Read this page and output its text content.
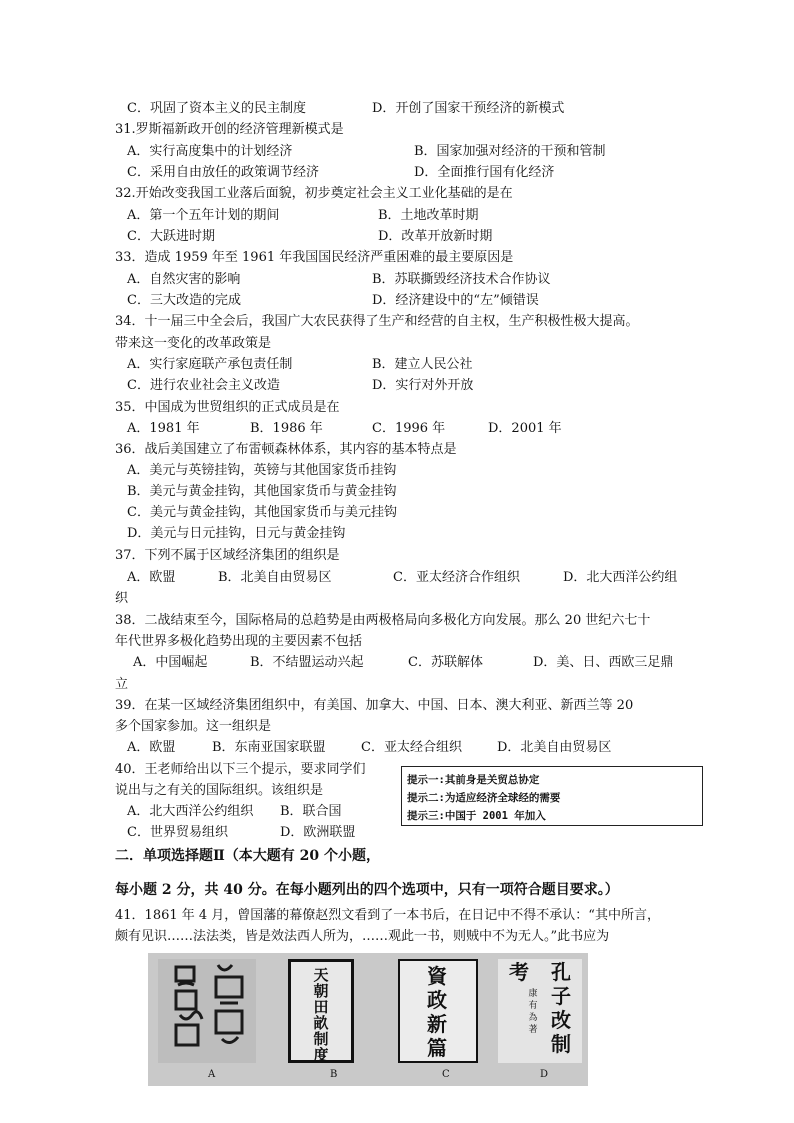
C．巩固了资本主义的民主制度	D．开创了国家干预经济的新模式
31.罗斯福新政开创的经济管理新模式是
A．实行高度集中的计划经济	B．国家加强对经济的干预和管制
C．采用自由放任的政策调节经济	D．全面推行国有化经济
32.开始改变我国工业落后面貌，初步奠定社会主义工业化基础的是在
A．第一个五年计划的期间	B．土地改革时期
C．大跃进时期	D．改革开放新时期
33．造成 1959 年至 1961 年我国国民经济严重困难的最主要原因是
A．自然灾害的影响	B．苏联撕毁经济技术合作协议
C．三大改造的完成	D．经济建设中的“左”倾错误
34．十一届三中全会后，我国广大农民获得了生产和经营的自主权，生产积极性极大提高。
带来这一变化的改革政策是
A．实行家庭联产承包责任制	B．建立人民公社
C．进行农业社会主义改造	D．实行对外开放
35．中国成为世贸组织的正式成员是在
A．1981 年	B．1986 年	C．1996 年	D．2001 年
36．战后美国建立了布雷顿森林体系，其内容的基本特点是
A．美元与英镑挂钩，英镑与其他国家货币挂钩
B．美元与黄金挂钩，其他国家货币与黄金挂钩
C．美元与黄金挂钩，其他国家货币与美元挂钩
D．美元与日元挂钩，日元与黄金挂钩
37．下列不属于区域经济集团的组织是
A．欧盟	B．北美自由贸易区	C．亚太经济合作组织	D．北大西洋公约组
织
38．二战结束至今，国际格局的总趋势是由两极格局向多极化方向发展。那么 20 世纪六七十
年代世界多极化趋势出现的主要因素不包括
A．中国崛起	B．不结盟运动兴起	C．苏联解体	D．美、日、西欧三足鼎
立
39．在某一区域经济集团组织中，有美国、加拿大、中国、日本、澳大利亚、新西兰等 20
多个国家参加。这一组织是
A．欧盟	B．东南亚国家联盟	C．亚太经合组织	D．北美自由贸易区
40．王老师给出以下三个提示，要求同学们
说出与之有关的国际组织。该组织是
A．北大西洋公约组织 B．联合国
C．世界贸易组织	D．欧洲联盟
提示一:其前身是关贸总协定
提示二:为适应经济全球经的需要
提示三:中国于 2001 年加入
二．单项选择题Ⅱ（本大题有 20 个小题，
每小题 2 分，共 40 分。在每小题列出的四个选项中，只有一项符合题目要求。）
41．1861 年 4 月，曾国藩的幕僚赵烈文看到了一本书后，在日记中不得不承认：“其中所言，
颇有见识……法法类，皆是效法西人所为，……观此一书，则贼中不为无人。”此书应为
A
天
朝
田
畝
制
度
B
資
政
新
篇
C
孔
子
改
制
考
康
有
為
著
D
